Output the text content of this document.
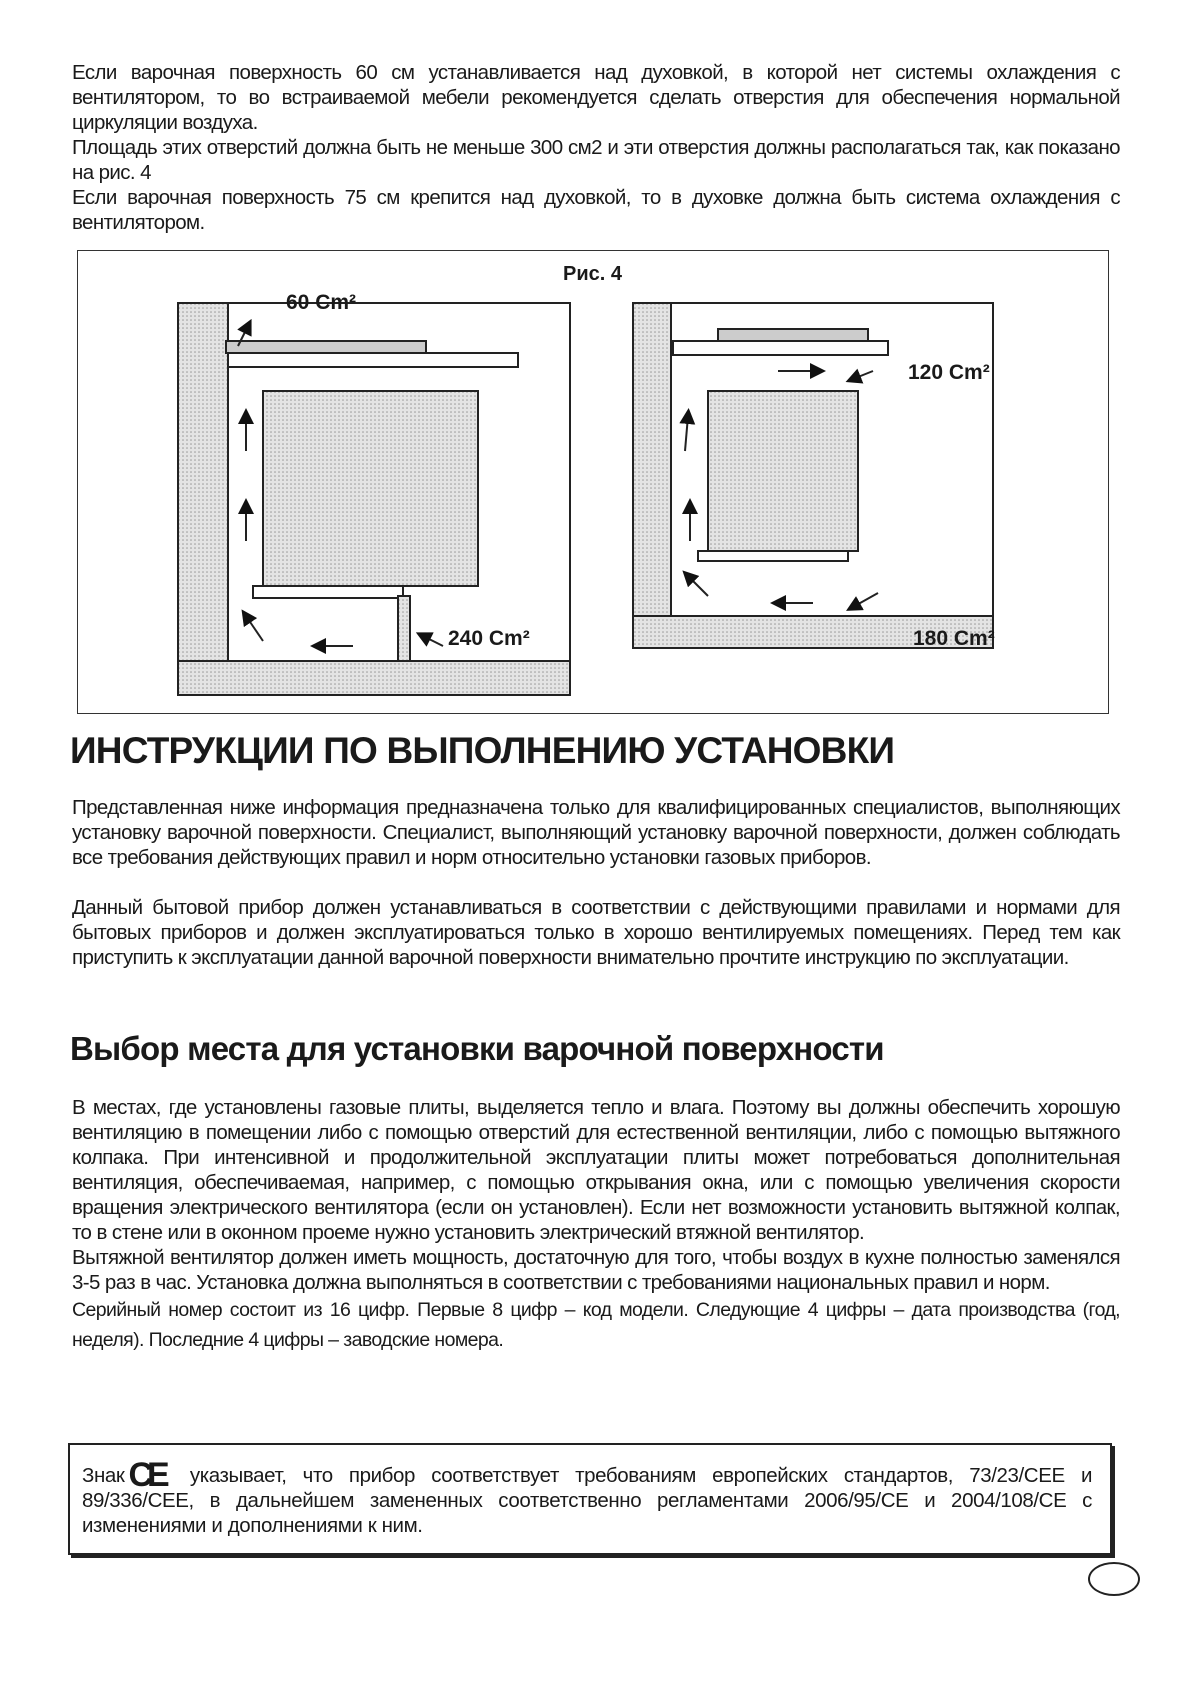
Если варочная поверхность 60 см устанавливается над духовкой, в которой нет системы охлаждения с вентилятором, то во встраиваемой мебели рекомендуется сделать отверстия для обеспечения нормальной циркуляции воздуха.

Площадь этих отверстий должна быть не меньше 300 см2 и эти отверстия должны располагаться так, как показано на рис. 4

Если варочная поверхность 75 см крепится над духовкой, то в духовке должна быть система охлаждения с вентилятором.

Рис. 4
60 Cm²
240 Cm²
120 Cm²
180 Cm²
ИНСТРУКЦИИ ПО ВЫПОЛНЕНИЮ УСТАНОВКИ

Представленная ниже информация предназначена только для квалифицированных специалистов, выполняющих установку варочной поверхности. Специалист, выполняющий установку варочной поверхности, должен соблюдать все требования действующих правил и норм относительно установки газовых приборов.

Данный бытовой прибор должен устанавливаться в соответствии с действующими правилами и нормами для бытовых приборов и должен эксплуатироваться только в хорошо вентилируемых помещениях. Перед тем как приступить к эксплуатации данной варочной поверхности внимательно прочтите инструкцию по эксплуатации.

Выбор места для установки варочной поверхности

В местах, где установлены газовые плиты, выделяется тепло и влага. Поэтому вы должны обеспечить хорошую вентиляцию в помещении либо с помощью отверстий для естественной вентиляции, либо с помощью вытяжного колпака. При интенсивной и продолжительной эксплуатации плиты может потребоваться дополнительная вентиляция, обеспечиваемая, например, с помощью открывания окна, или с помощью увеличения скорости вращения электрического вентилятора (если он установлен). Если нет возможности установить вытяжной колпак, то в стене или в оконном проеме нужно установить электрический втяжной вентилятор.

Вытяжной вентилятор должен иметь мощность, достаточную для того, чтобы воздух в кухне полностью заменялся 3-5 раз в час. Установка должна выполняться в соответствии с требованиями национальных правил и норм.

Серийный номер состоит из 16 цифр. Первые 8 цифр – код модели. Следующие 4 цифры – дата производства (год, неделя). Последние 4 цифры – заводские номера.

Знак CE указывает, что прибор соответствует требованиям европейских стандартов, 73/23/CEE и 89/336/CEE, в дальнейшем замененных соответственно регламентами 2006/95/CE и 2004/108/CE с изменениями и дополнениями к ним.
